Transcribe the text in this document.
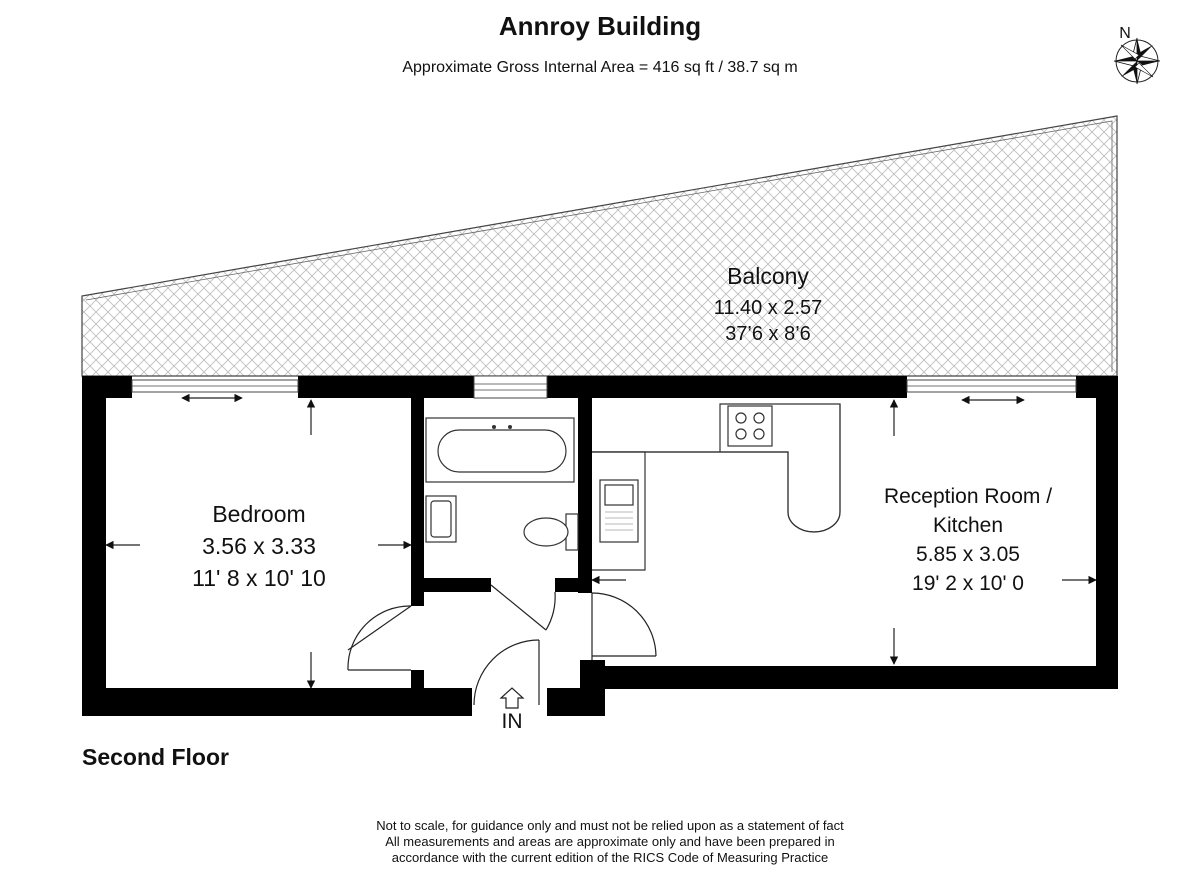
Annroy Building
Approximate Gross Internal Area = 416 sq ft / 38.7 sq m
N
Balcony
11.40 x 2.57
37’6 x 8’6
IN
Bedroom
3.56 x 3.33
11' 8 x 10' 10
Reception Room /
Kitchen
5.85 x 3.05
19' 2 x 10' 0
Second Floor
Not to scale, for guidance only and must not be relied upon as a statement of fact
All measurements and areas are approximate only and have been prepared in
accordance with the current edition of the RICS Code of Measuring Practice
